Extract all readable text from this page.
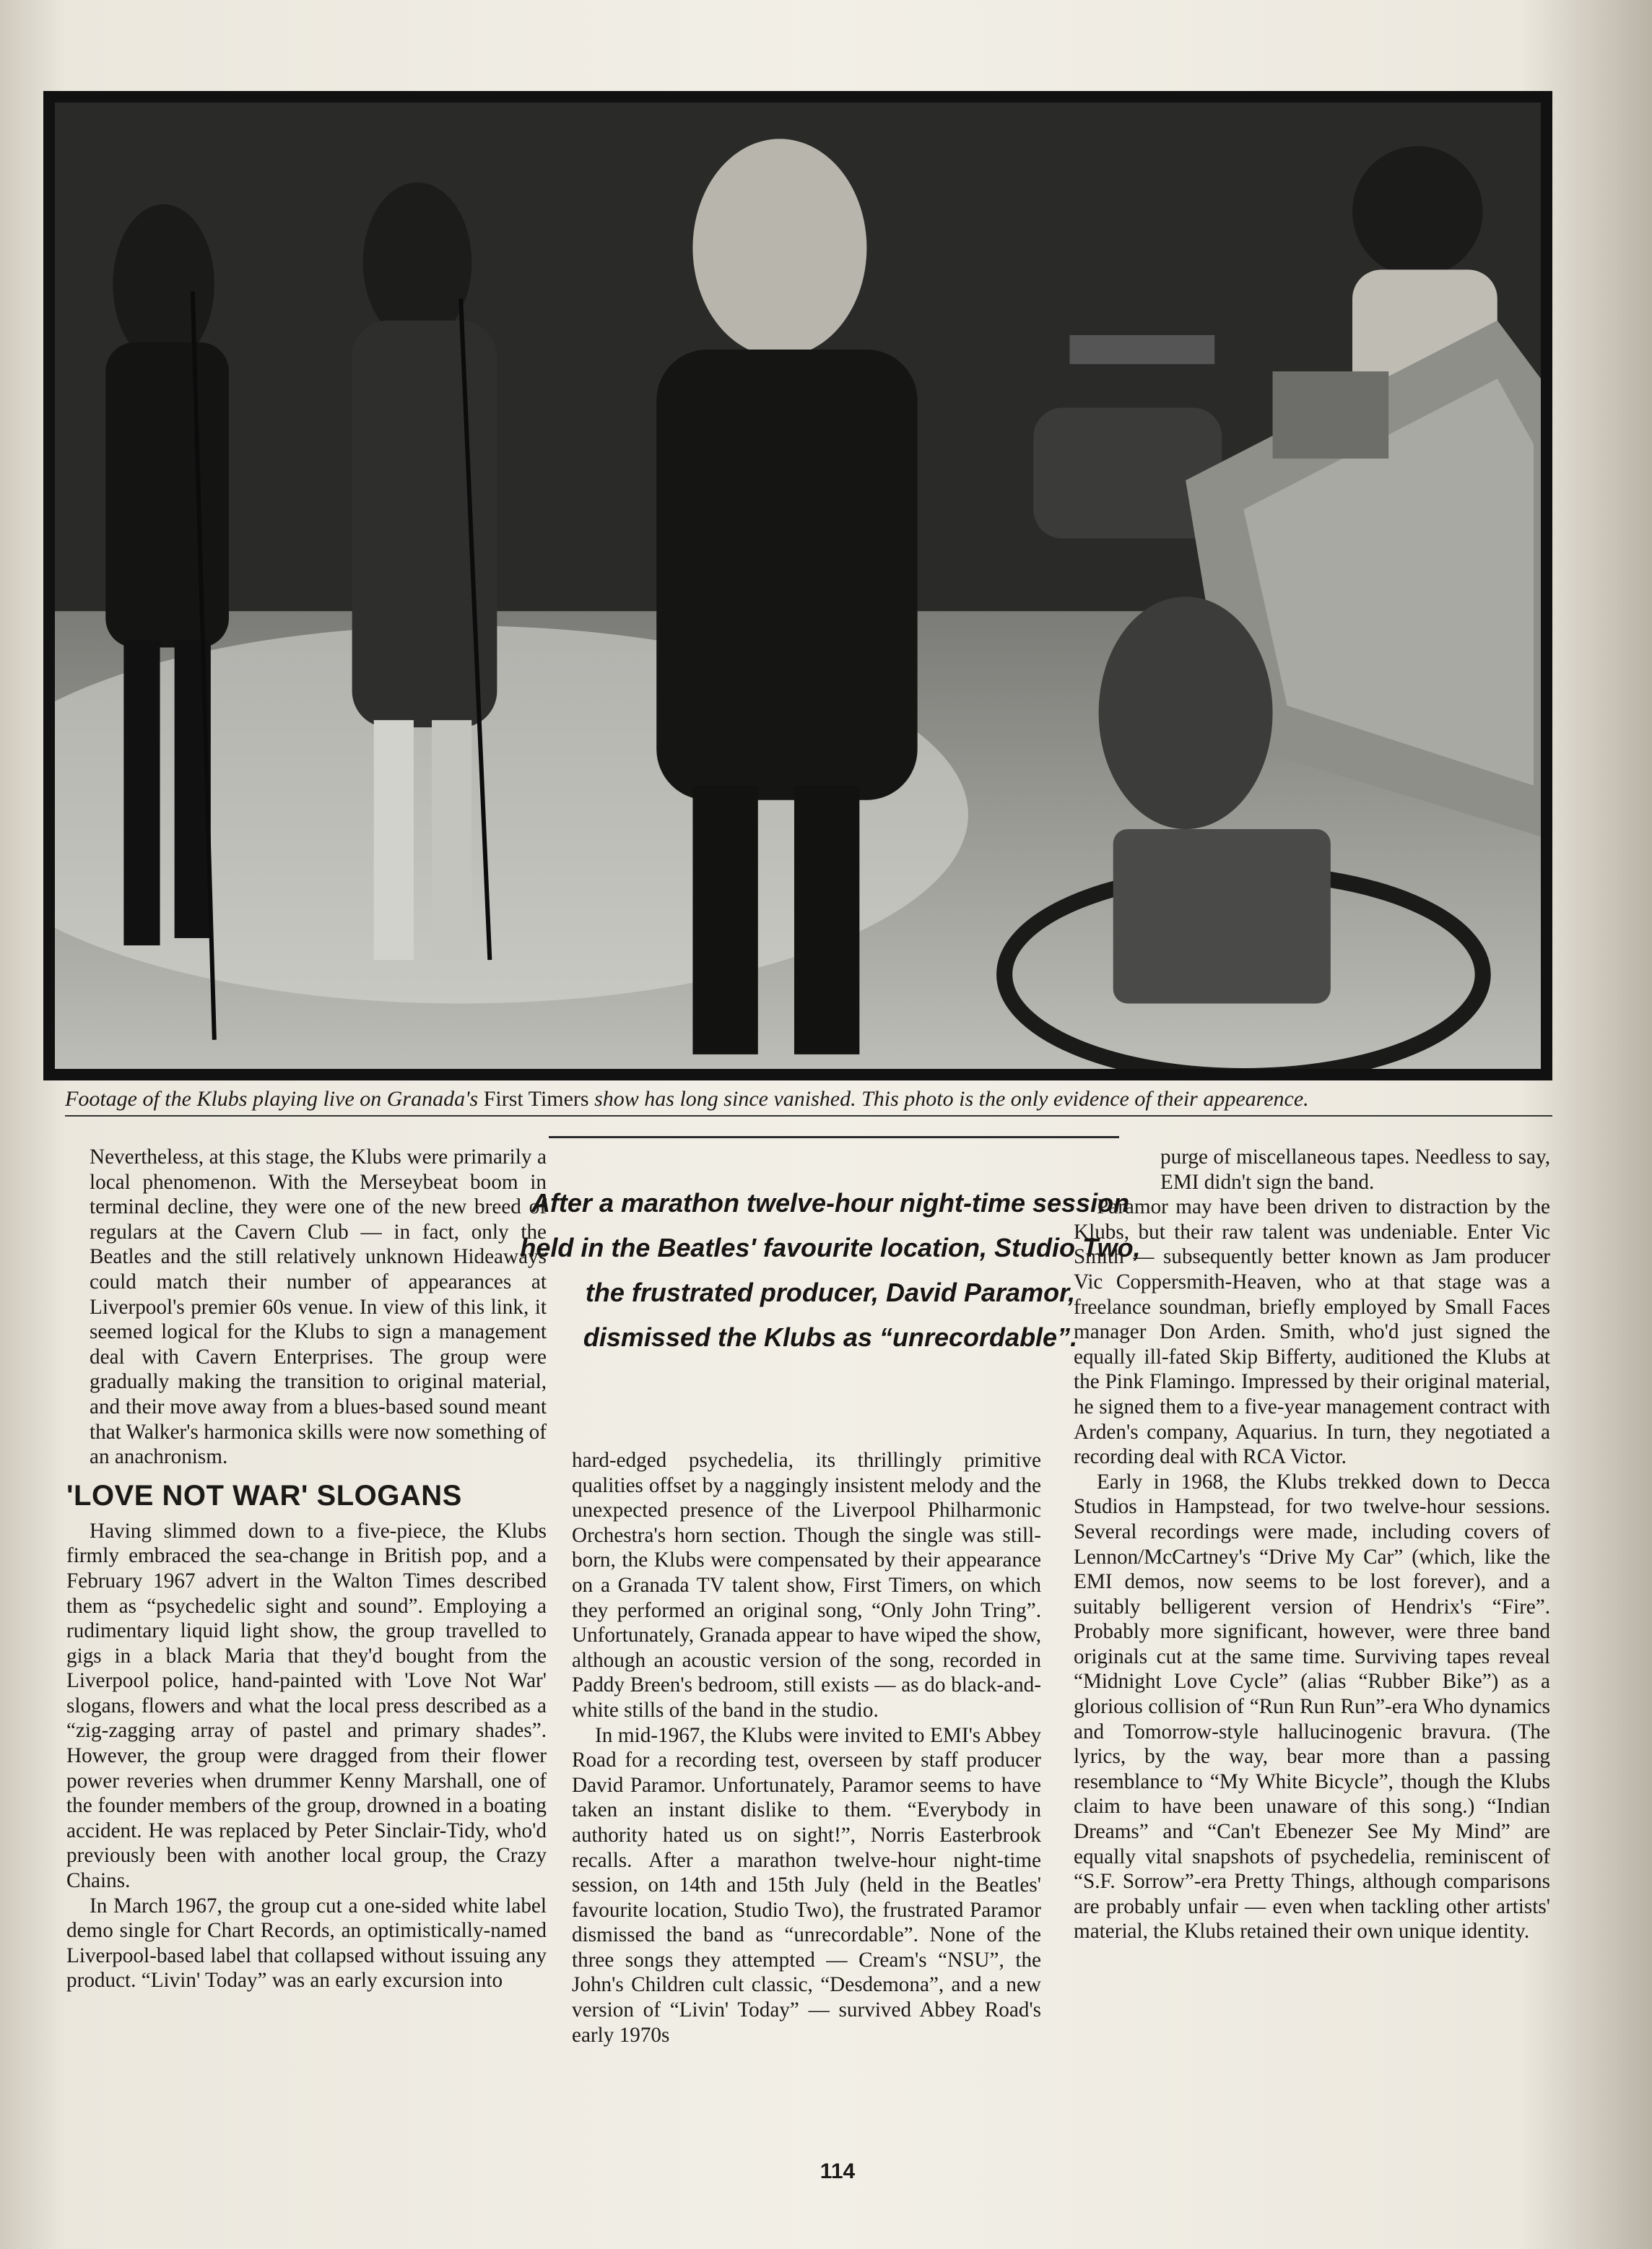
Footage of the Klubs playing live on Granada's First Timers show has long since vanished. This photo is the only evidence of their appearence.
After a marathon twelve-hour night-time session held in the Beatles' favourite location, Studio Two, the frustrated producer, David Paramor, dismissed the Klubs as “unrecordable”.

Nevertheless, at this stage, the Klubs were primarily a local phenomenon. With the Merseybeat boom in terminal decline, they were one of the new breed of regulars at the Cavern Club — in fact, only the Beatles and the still relatively unknown Hideaways could match their number of appearances at Liverpool's premier 60s venue. In view of this link, it seemed logical for the Klubs to sign a management deal with Cavern Enterprises. The group were gradually making the transition to original material, and their move away from a blues-based sound meant that Walker's harmonica skills were now something of an anachronism.

'LOVE NOT WAR' SLOGANS

Having slimmed down to a five-piece, the Klubs firmly embraced the sea-change in British pop, and a February 1967 advert in the Walton Times described them as “psychedelic sight and sound”. Employing a rudimentary liquid light show, the group travelled to gigs in a black Maria that they'd bought from the Liverpool police, hand-painted with 'Love Not War' slogans, flowers and what the local press described as a “zig-zagging array of pastel and primary shades”. However, the group were dragged from their flower power reveries when drummer Kenny Marshall, one of the founder members of the group, drowned in a boating accident. He was replaced by Peter Sinclair-Tidy, who'd previously been with another local group, the Crazy Chains.

In March 1967, the group cut a one-sided white label demo single for Chart Records, an optimistically-named Liverpool-based label that collapsed without issuing any product. “Livin' Today” was an early excursion into

hard-edged psychedelia, its thrillingly primitive qualities offset by a naggingly insistent melody and the unexpected presence of the Liverpool Philharmonic Orchestra's horn section. Though the single was still-born, the Klubs were compensated by their appearance on a Granada TV talent show, First Timers, on which they performed an original song, “Only John Tring”. Unfortunately, Granada appear to have wiped the show, although an acoustic version of the song, recorded in Paddy Breen's bedroom, still exists — as do black-and-white stills of the band in the studio.

In mid-1967, the Klubs were invited to EMI's Abbey Road for a recording test, overseen by staff producer David Paramor. Unfortunately, Paramor seems to have taken an instant dislike to them. “Everybody in authority hated us on sight!”, Norris Easterbrook recalls. After a marathon twelve-hour night-time session, on 14th and 15th July (held in the Beatles' favourite location, Studio Two), the frustrated Paramor dismissed the band as “unrecordable”. None of the three songs they attempted — Cream's “NSU”, the John's Children cult classic, “Desdemona”, and a new version of “Livin' Today” — survived Abbey Road's early 1970s

purge of miscellaneous tapes. Needless to say, EMI didn't sign the band.

Paramor may have been driven to distraction by the Klubs, but their raw talent was undeniable. Enter Vic Smith — subsequently better known as Jam producer Vic Coppersmith-Heaven, who at that stage was a freelance soundman, briefly employed by Small Faces manager Don Arden. Smith, who'd just signed the equally ill-fated Skip Bifferty, auditioned the Klubs at the Pink Flamingo. Impressed by their original material, he signed them to a five-year management contract with Arden's company, Aquarius. In turn, they negotiated a recording deal with RCA Victor.

Early in 1968, the Klubs trekked down to Decca Studios in Hampstead, for two twelve-hour sessions. Several recordings were made, including covers of Lennon/McCartney's “Drive My Car” (which, like the EMI demos, now seems to be lost forever), and a suitably belligerent version of Hendrix's “Fire”. Probably more significant, however, were three band originals cut at the same time. Surviving tapes reveal “Midnight Love Cycle” (alias “Rubber Bike”) as a glorious collision of “Run Run Run”-era Who dynamics and Tomorrow-style hallucinogenic bravura. (The lyrics, by the way, bear more than a passing resemblance to “My White Bicycle”, though the Klubs claim to have been unaware of this song.) “Indian Dreams” and “Can't Ebenezer See My Mind” are equally vital snapshots of psychedelia, reminiscent of “S.F. Sorrow”-era Pretty Things, although comparisons are probably unfair — even when tackling other artists' material, the Klubs retained their own unique identity.

114
